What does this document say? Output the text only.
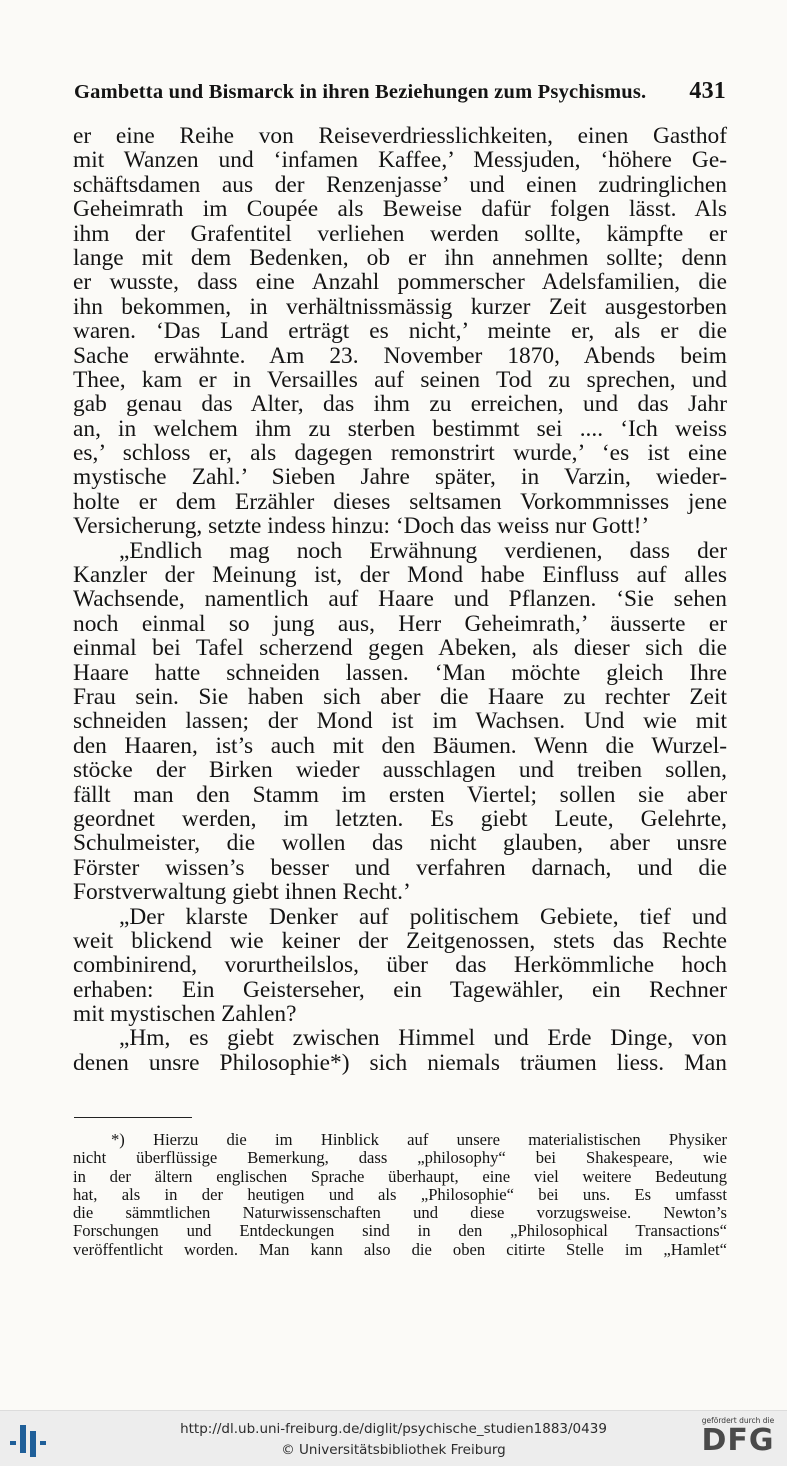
Gambetta und Bismarck in ihren Beziehungen zum Psychismus. 431
er eine Reihe von Reiseverdriesslichkeiten, einen Gasthof
mit Wanzen und ‘infamen Kaffee,’ Messjuden, ‘höhere Ge-
schäftsdamen aus der Renzenjasse’ und einen zudringlichen
Geheimrath im Coupée als Beweise dafür folgen lässt. Als
ihm der Grafentitel verliehen werden sollte, kämpfte er
lange mit dem Bedenken, ob er ihn annehmen sollte; denn
er wusste, dass eine Anzahl pommerscher Adelsfamilien, die
ihn bekommen, in verhältnissmässig kurzer Zeit ausgestorben
waren. ‘Das Land erträgt es nicht,’ meinte er, als er die
Sache erwähnte. Am 23. November 1870, Abends beim
Thee, kam er in Versailles auf seinen Tod zu sprechen, und
gab genau das Alter, das ihm zu erreichen, und das Jahr
an, in welchem ihm zu sterben bestimmt sei .... ‘Ich weiss
es,’ schloss er, als dagegen remonstrirt wurde,’ ‘es ist eine
mystische Zahl.’ Sieben Jahre später, in Varzin, wieder-
holte er dem Erzähler dieses seltsamen Vorkommnisses jene
Versicherung, setzte indess hinzu: ‘Doch das weiss nur Gott!’
„Endlich mag noch Erwähnung verdienen, dass der
Kanzler der Meinung ist, der Mond habe Einfluss auf alles
Wachsende, namentlich auf Haare und Pflanzen. ‘Sie sehen
noch einmal so jung aus, Herr Geheimrath,’ äusserte er
einmal bei Tafel scherzend gegen Abeken, als dieser sich die
Haare hatte schneiden lassen. ‘Man möchte gleich Ihre
Frau sein. Sie haben sich aber die Haare zu rechter Zeit
schneiden lassen; der Mond ist im Wachsen. Und wie mit
den Haaren, ist’s auch mit den Bäumen. Wenn die Wurzel-
stöcke der Birken wieder ausschlagen und treiben sollen,
fällt man den Stamm im ersten Viertel; sollen sie aber
geordnet werden, im letzten. Es giebt Leute, Gelehrte,
Schulmeister, die wollen das nicht glauben, aber unsre
Förster wissen’s besser und verfahren darnach, und die
Forstverwaltung giebt ihnen Recht.’
„Der klarste Denker auf politischem Gebiete, tief und
weit blickend wie keiner der Zeitgenossen, stets das Rechte
combinirend, vorurtheilslos, über das Herkömmliche hoch
erhaben: Ein Geisterseher, ein Tagewähler, ein Rechner
mit mystischen Zahlen?
„Hm, es giebt zwischen Himmel und Erde Dinge, von
denen unsre Philosophie*) sich niemals träumen liess. Man
*) Hierzu die im Hinblick auf unsere materialistischen Physiker
nicht überflüssige Bemerkung, dass „philosophy“ bei Shakespeare, wie
in der ältern englischen Sprache überhaupt, eine viel weitere Bedeutung
hat, als in der heutigen und als „Philosophie“ bei uns. Es umfasst
die sämmtlichen Naturwissenschaften und diese vorzugsweise. Newton’s
Forschungen und Entdeckungen sind in den „Philosophical Transactions“
veröffentlicht worden. Man kann also die oben citirte Stelle im „Hamlet“
http://dl.ub.uni-freiburg.de/diglit/psychische_studien1883/0439
© Universitätsbibliothek Freiburg
gefördert durch die
DFG
